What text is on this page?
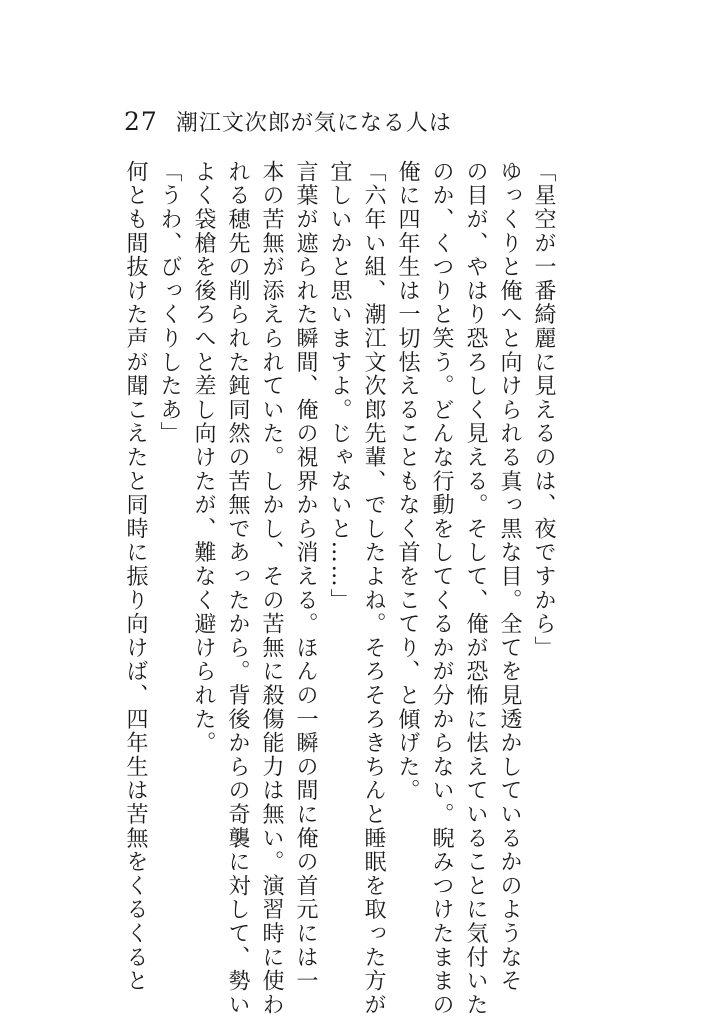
27 潮江文次郎が気になる人は
「星空が一番綺麗に見えるのは、夜ですから」
ゆっくりと俺へと向けられる真っ黒な目。全てを見透かしているかのようなそ
の目が、やはり恐ろしく見える。そして、俺が恐怖に怯えていることに気付いた
のか、くつりと笑う。どんな行動をしてくるかが分からない。睨みつけたままの
俺に四年生は一切怯えることもなく首をこてり、と傾げた。
「六年い組、潮江文次郎先輩、でしたよね。そろそろきちんと睡眠を取った方が
宜しいかと思いますよ。じゃないと……」
言葉が遮られた瞬間、俺の視界から消える。ほんの一瞬の間に俺の首元には一
本の苦無が添えられていた。しかし、その苦無に殺傷能力は無い。演習時に使わ
れる穂先の削られた鈍同然の苦無であったから。背後からの奇襲に対して、勢い
よく袋槍を後ろへと差し向けたが、難なく避けられた。
「うわ、びっくりしたあ」
何とも間抜けた声が聞こえたと同時に振り向けば、四年生は苦無をくるくると
